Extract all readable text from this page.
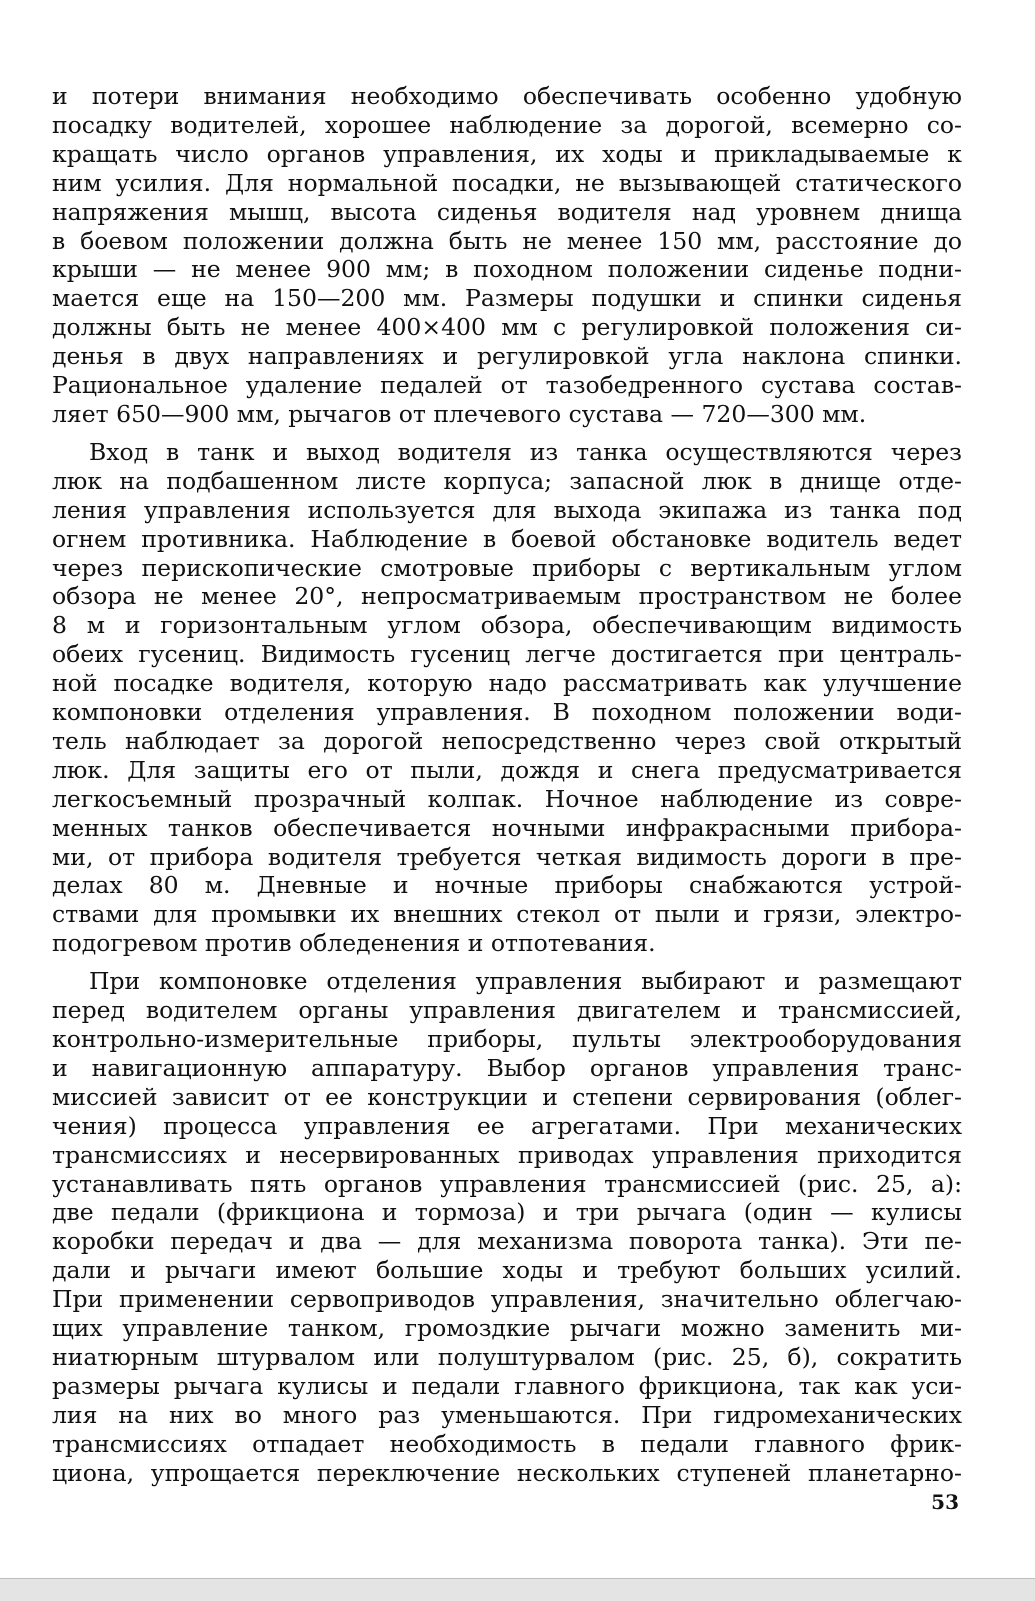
и потери внимания необходимо обеспечивать особенно удобную
посадку водителей, хорошее наблюдение за дорогой, всемерно со-
кращать число органов управления, их ходы и прикладываемые к
ним усилия. Для нормальной посадки, не вызывающей статического
напряжения мышц, высота сиденья водителя над уровнем днища
в боевом положении должна быть не менее 150 мм, расстояние до
крыши — не менее 900 мм; в походном положении сиденье подни-
мается еще на 150—200 мм. Размеры подушки и спинки сиденья
должны быть не менее 400×400 мм с регулировкой положения си-
денья в двух направлениях и регулировкой угла наклона спинки.
Рациональное удаление педалей от тазобедренного сустава состав-
ляет 650—900 мм, рычагов от плечевого сустава — 720—300 мм.

Вход в танк и выход водителя из танка осуществляются через
люк на подбашенном листе корпуса; запасной люк в днище отде-
ления управления используется для выхода экипажа из танка под
огнем противника. Наблюдение в боевой обстановке водитель ведет
через перископические смотровые приборы с вертикальным углом
обзора не менее 20°, непросматриваемым пространством не более
8 м и горизонтальным углом обзора, обеспечивающим видимость
обеих гусениц. Видимость гусениц легче достигается при централь-
ной посадке водителя, которую надо рассматривать как улучшение
компоновки отделения управления. В походном положении води-
тель наблюдает за дорогой непосредственно через свой открытый
люк. Для защиты его от пыли, дождя и снега предусматривается
легкосъемный прозрачный колпак. Ночное наблюдение из совре-
менных танков обеспечивается ночными инфракрасными прибора-
ми, от прибора водителя требуется четкая видимость дороги в пре-
делах 80 м. Дневные и ночные приборы снабжаются устрой-
ствами для промывки их внешних стекол от пыли и грязи, электро-
подогревом против обледенения и отпотевания.

При компоновке отделения управления выбирают и размещают
перед водителем органы управления двигателем и трансмиссией,
контрольно-измерительные приборы, пульты электрооборудования
и навигационную аппаратуру. Выбор органов управления транс-
миссией зависит от ее конструкции и степени сервирования (облег-
чения) процесса управления ее агрегатами. При механических
трансмиссиях и несервированных приводах управления приходится
устанавливать пять органов управления трансмиссией (рис. 25, а):
две педали (фрикциона и тормоза) и три рычага (один — кулисы
коробки передач и два — для механизма поворота танка). Эти пе-
дали и рычаги имеют большие ходы и требуют больших усилий.
При применении сервоприводов управления, значительно облегчаю-
щих управление танком, громоздкие рычаги можно заменить ми-
ниатюрным штурвалом или полуштурвалом (рис. 25, б), сократить
размеры рычага кулисы и педали главного фрикциона, так как уси-
лия на них во много раз уменьшаются. При гидромеханических
трансмиссиях отпадает необходимость в педали главного фрик-
циона, упрощается переключение нескольких ступеней планетарно-

53
